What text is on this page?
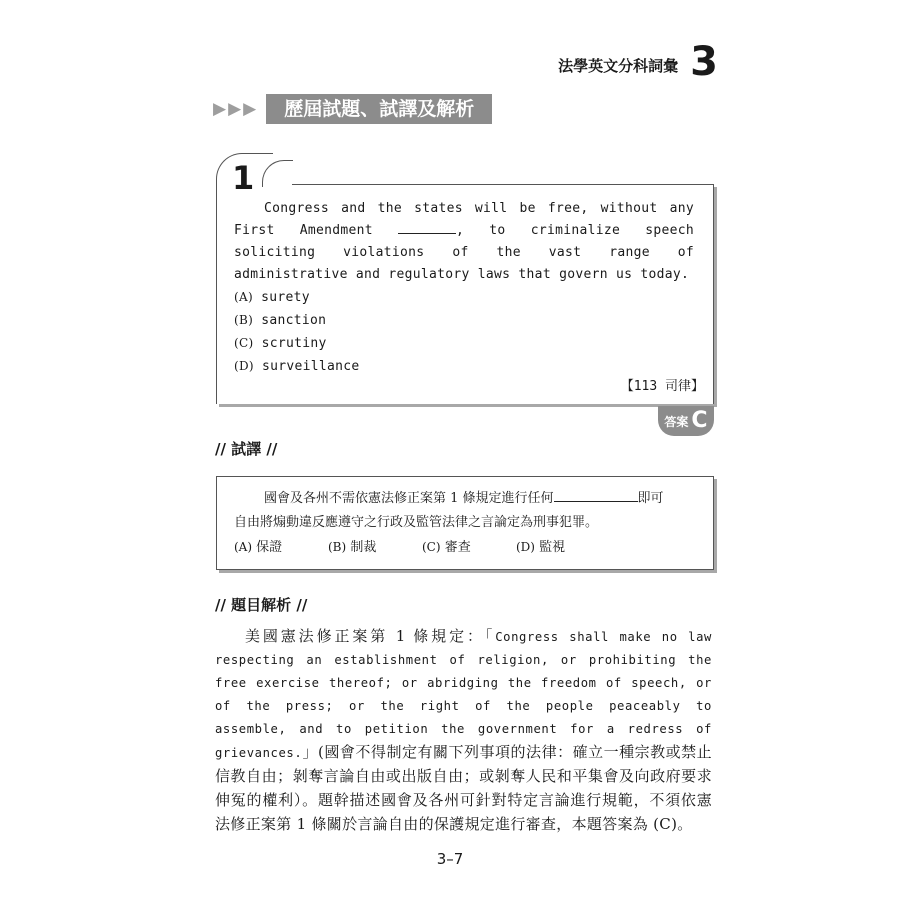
法學英文分科詞彙 3
▶▶▶	歷屆試題、試譯及解析
1
Congress and the states will be free, without any First Amendment	, to criminalize speech soliciting violations of the vast range of administrative and regulatory laws that govern us today.
(A) surety
(B) sanction
(C) scrutiny
(D) surveillance
【113 司律】
答案 C
// 試譯 //
國會及各州不需依憲法修正案第 1 條規定進行任何	即可
自由將煽動違反應遵守之行政及監管法律之言論定為刑事犯罪。
(A) 保證	(B) 制裁	(C) 審查	(D) 監視
// 題目解析 //
美國憲法修正案第 1 條規定：「Congress shall make no law respecting an establishment of religion, or prohibiting the free exercise thereof; or abridging the freedom of speech, or of the press; or the right of the people peaceably to assemble, and to petition the government for a redress of grievances.」(國會不得制定有關下列事項的法律：確立一種宗教或禁止信教自由；剝奪言論自由或出版自由；或剝奪人民和平集會及向政府要求伸冤的權利）。題幹描述國會及各州可針對特定言論進行規範，不須依憲法修正案第 1 條關於言論自由的保護規定進行審查，本題答案為 (C)。
3–7
